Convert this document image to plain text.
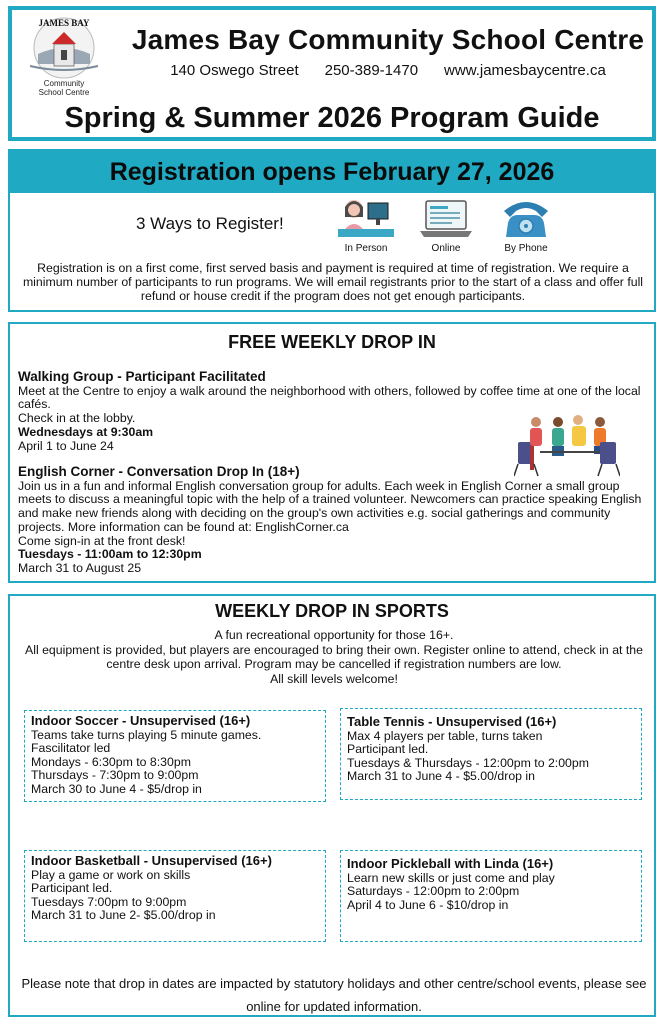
JAMES BAY
Community
School Centre
James Bay Community School Centre
140 Oswego Street 250-389-1470 www.jamesbaycentre.ca
Spring & Summer 2026 Program Guide
Registration opens February 27, 2026
3 Ways to Register!
In Person	Online	By Phone
Registration is on a first come, first served basis and payment is required at time of registration. We require a minimum number of participants to run programs. We will email registrants prior to the start of a class and offer full refund or house credit if the program does not get enough participants.
FREE WEEKLY DROP IN
Walking Group - Participant Facilitated
Meet at the Centre to enjoy a walk around the neighborhood with others, followed by coffee time at one of the local cafés.
Check in at the lobby.
Wednesdays at 9:30am
April 1 to June 24
English Corner - Conversation Drop In (18+)
Join us in a fun and informal English conversation group for adults. Each week in English Corner a small group meets to discuss a meaningful topic with the help of a trained volunteer. Newcomers can practice speaking English and make new friends along with deciding on the group's own activities e.g. social gatherings and community projects. More information can be found at: EnglishCorner.ca
Come sign-in at the front desk!
Tuesdays - 11:00am to 12:30pm
March 31 to August 25
WEEKLY DROP IN SPORTS
A fun recreational opportunity for those 16+.
All equipment is provided, but players are encouraged to bring their own. Register online to attend, check in at the centre desk upon arrival. Program may be cancelled if registration numbers are low.
All skill levels welcome!
Indoor Soccer - Unsupervised (16+)
Teams take turns playing 5 minute games.
Fascilitator led
Mondays - 6:30pm to 8:30pm
Thursdays - 7:30pm to 9:00pm
March 30 to June 4 - $5/drop in
Table Tennis - Unsupervised (16+)
Max 4 players per table, turns taken
Participant led.
Tuesdays & Thursdays - 12:00pm to 2:00pm
March 31 to June 4 - $5.00/drop in
Indoor Basketball - Unsupervised (16+)
Play a game or work on skills
Participant led.
Tuesdays 7:00pm to 9:00pm
March 31 to June 2- $5.00/drop in
Indoor Pickleball with Linda (16+)
Learn new skills or just come and play
Saturdays - 12:00pm to 2:00pm
April 4 to June 6 - $10/drop in
Please note that drop in dates are impacted by statutory holidays and other centre/school events, please see online for updated information.
